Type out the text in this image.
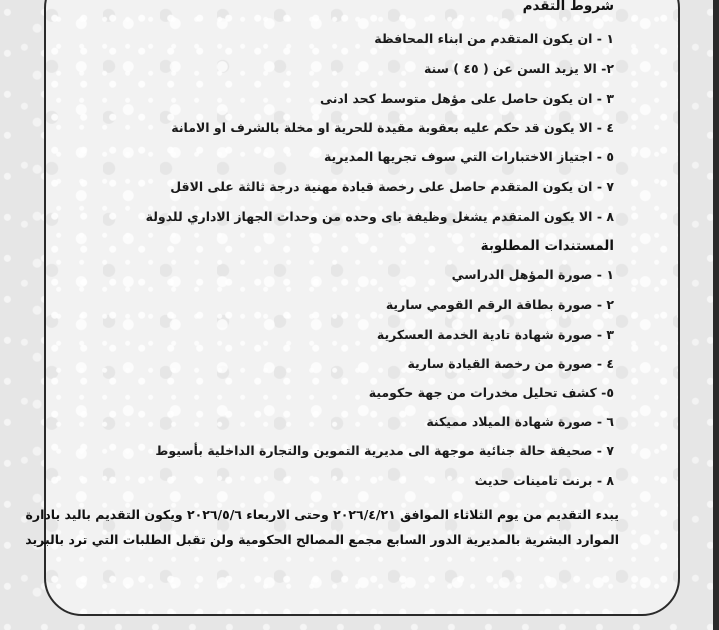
شروط التقدم

١ - ان يكون المتقدم من ابناء المحافظة

٢- الا يزيد السن عن ( ٤٥ ) سنة

٣ - ان يكون حاصل على مؤهل متوسط كحد ادنى

٤ - الا يكون قد حكم عليه بعقوبة مقيدة للحرية او مخلة بالشرف او الامانة

٥ - اجتياز الاختبارات التي سوف تجريها المديرية

٧ - ان يكون المتقدم حاصل على رخصة قيادة مهنية درجة ثالثة على الاقل

٨ - الا يكون المتقدم يشغل وظيفة باى وحده من وحدات الجهاز الاداري للدولة

المستندات المطلوبة

١ - صورة المؤهل الدراسي

٢ - صورة بطاقة الرقم القومي سارية

٣ - صورة شهادة تادية الخدمة العسكرية

٤ - صورة من رخصة القيادة سارية

٥- كشف تحليل مخدرات من جهة حكومية

٦ - صورة شهادة الميلاد مميكنة

٧ - صحيفة حالة جنائية موجهة الى مديرية التموين والتجارة الداخلية بأسيوط

٨ - برنت تامينات حديث

يبدء التقديم من يوم الثلاثاء الموافق ٢٠٢٦/٤/٢١ وحتى الاربعاء ٢٠٢٦/٥/٦ ويكون التقديم باليد بادارة

الموارد البشرية بالمديرية الدور السابع مجمع المصالح الحكومية ولن تقبل الطلبات التي ترد بالبريد
